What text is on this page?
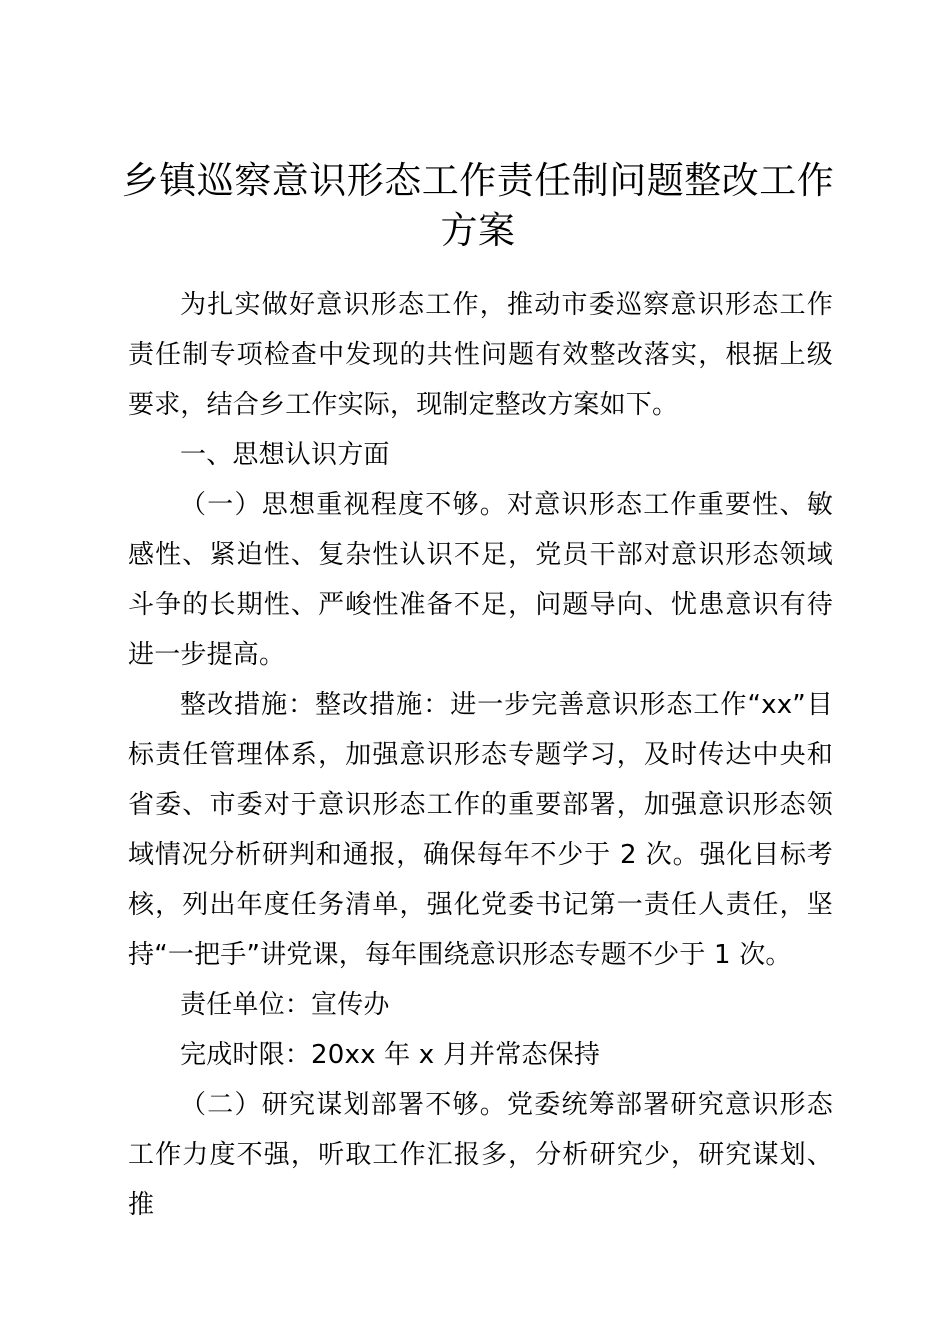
乡镇巡察意识形态工作责任制问题整改工作方案

为扎实做好意识形态工作，推动市委巡察意识形态工作责任制专项检查中发现的共性问题有效整改落实，根据上级要求，结合乡工作实际，现制定整改方案如下。

一、思想认识方面

（一）思想重视程度不够。对意识形态工作重要性、敏感性、紧迫性、复杂性认识不足，党员干部对意识形态领域斗争的长期性、严峻性准备不足，问题导向、忧患意识有待进一步提高。

整改措施：整改措施：进一步完善意识形态工作“xx”目标责任管理体系，加强意识形态专题学习，及时传达中央和省委、市委对于意识形态工作的重要部署，加强意识形态领域情况分析研判和通报，确保每年不少于 2 次。强化目标考核，列出年度任务清单，强化党委书记第一责任人责任，坚持“一把手”讲党课，每年围绕意识形态专题不少于 1 次。

责任单位：宣传办

完成时限：20xx 年 x 月并常态保持

（二）研究谋划部署不够。党委统筹部署研究意识形态工作力度不强，听取工作汇报多，分析研究少，研究谋划、推
